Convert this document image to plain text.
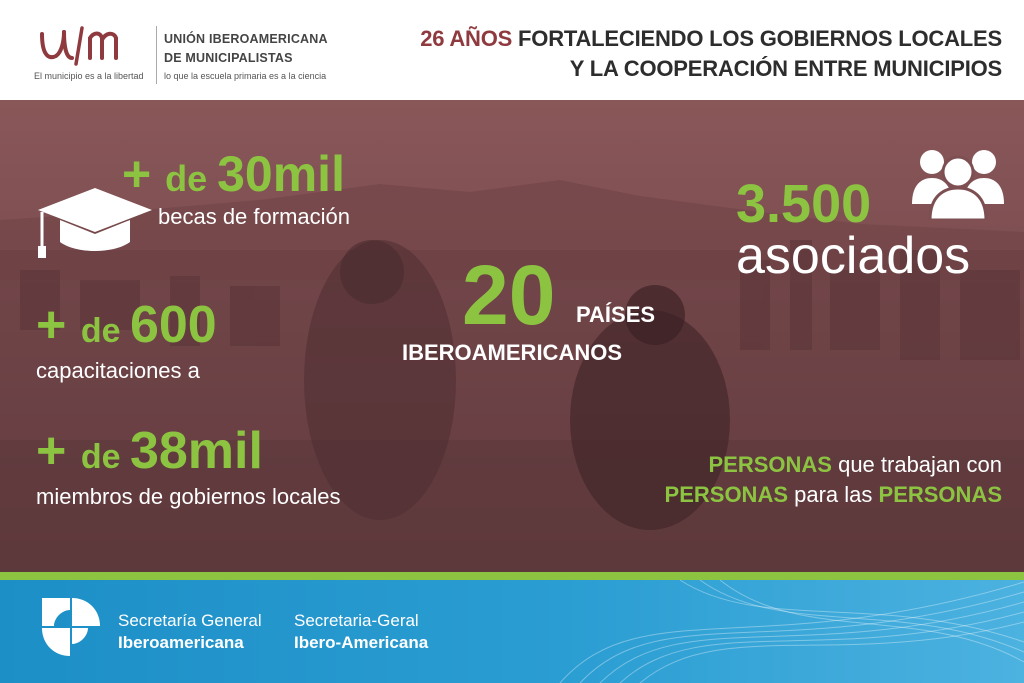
El municipio es a la libertad
UNIÓN IBEROAMERICANA
DE MUNICIPALISTAS
lo que la escuela primaria es a la ciencia
26 AÑOS FORTALECIENDO LOS GOBIERNOS LOCALES
Y LA COOPERACIÓN ENTRE MUNICIPIOS
+ de 30mil
becas de formación
+ de 600
capacitaciones a
+ de 38mil
miembros de gobiernos locales
20 PAÍSES
IBEROAMERICANOS
3.500
asociados
PERSONAS que trabajan con
PERSONAS para las PERSONAS
Secretaría General
Iberoamericana
Secretaria-Geral
Ibero-Americana
